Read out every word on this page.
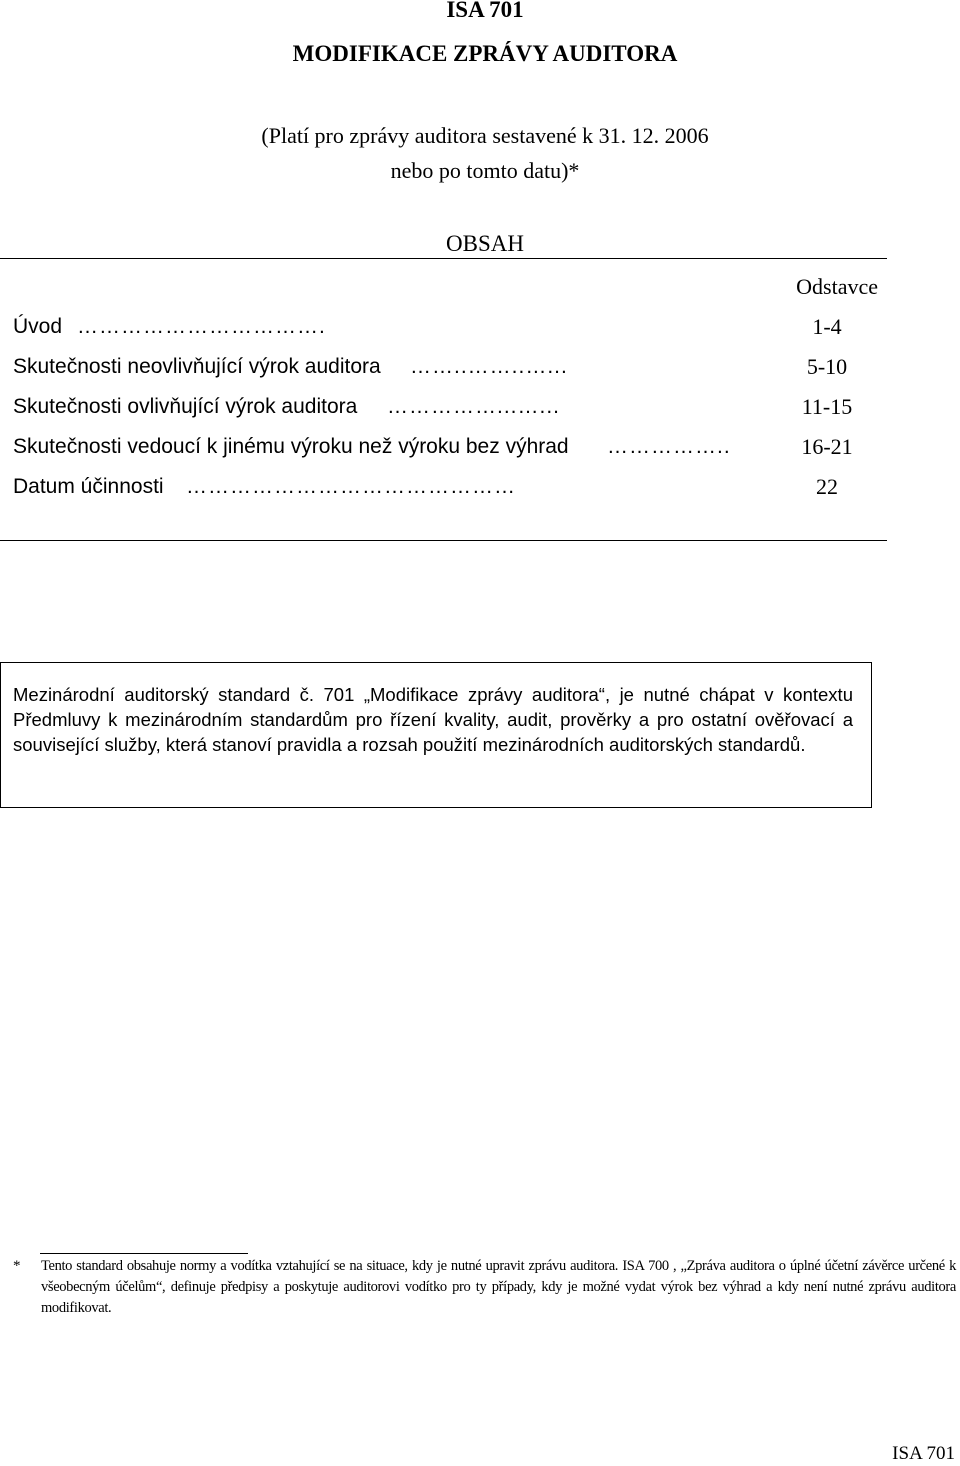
ISA 701
MODIFIKACE ZPRÁVY AUDITORA
(Platí pro zprávy auditora sestavené k 31. 12. 2006
nebo po tomto datu)*
OBSAH
Odstavce
Úvod …………………………….	1-4
Skutečnosti neovlivňující výrok auditora ……..……..…...	5-10
Skutečnosti ovlivňující výrok auditora ……………...…...	11-15
Skutečnosti vedoucí k jinému výroku než výroku bez výhrad ……………..	16-21
Datum účinnosti ………………………………………	22
Mezinárodní auditorský standard č. 701 „Modifikace zprávy auditora“, je nutné chápat v kontextu Předmluvy k mezinárodním standardům pro řízení kvality, audit, prověrky a pro ostatní ověřovací a související služby, která stanoví pravidla a rozsah použití mezinárodních auditorských standardů.
* Tento standard obsahuje normy a vodítka vztahující se na situace, kdy je nutné upravit zprávu auditora. ISA 700 , „Zpráva auditora o úplné účetní závěrce určené k všeobecným účelům“, definuje předpisy a poskytuje auditorovi vodítko pro ty případy, kdy je možné vydat výrok bez výhrad a kdy není nutné zprávu auditora modifikovat.
ISA 701
